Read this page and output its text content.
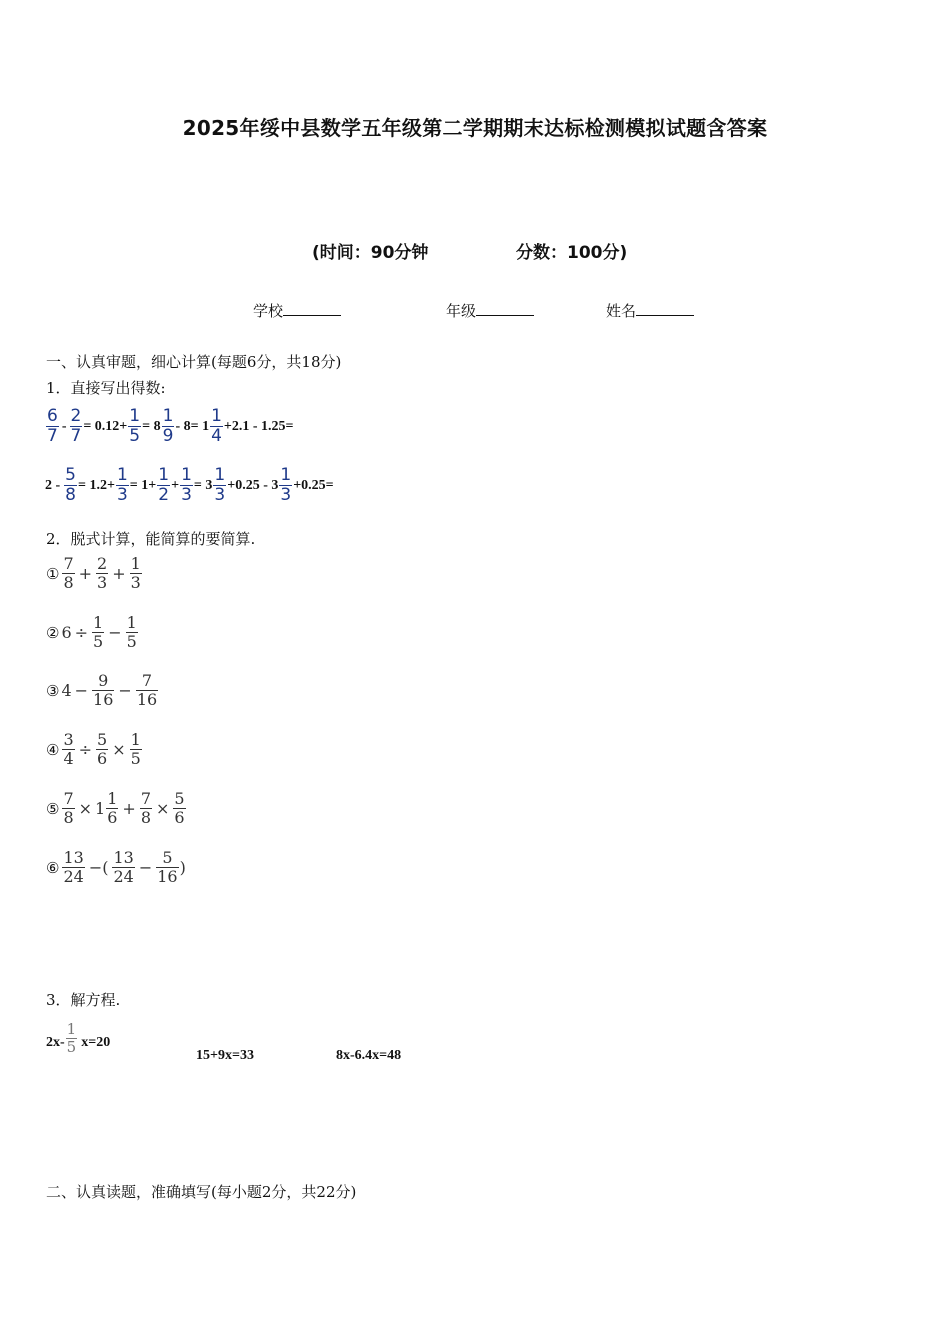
2025年绥中县数学五年级第二学期期末达标检测模拟试题含答案
(时间：90分钟	分数：100分)
学校	年级	姓名
一、认真审题，细心计算(每题6分，共18分)
1．直接写出得数:
$\frac{6}{7} - \frac{2}{7} = 0.12+ \frac{1}{5} = 8 \frac{1}{9} - 8= 1 \frac{1}{4} +2.1 - 1.25=$
$2 - \frac{5}{8} = 1.2+ \frac{1}{3} = 1+ \frac{1}{2} + \frac{1}{3} = 3 \frac{1}{3} +0.25 - 3 \frac{1}{3} +0.25=$
2．脱式计算，能简算的要简算.
① $\frac{7}{8} + \frac{2}{3} + \frac{1}{3}$
② $6 \div \frac{1}{5} - \frac{1}{5}$
③ $4 - \frac{9}{16} - \frac{7}{16}$
④ $\frac{3}{4} \div \frac{5}{6} \times \frac{1}{5}$
⑤ $\frac{7}{8} \times 1 \frac{1}{6} + \frac{7}{8} \times \frac{5}{6}$
⑥ $\frac{13}{24}$ −( $\frac{13}{24} - \frac{5}{16}$ )
3．解方程.
$2x- \frac{1}{5} x=20$
15+9x=33	8x-6.4x=48
二、认真读题，准确填写(每小题2分，共22分)
